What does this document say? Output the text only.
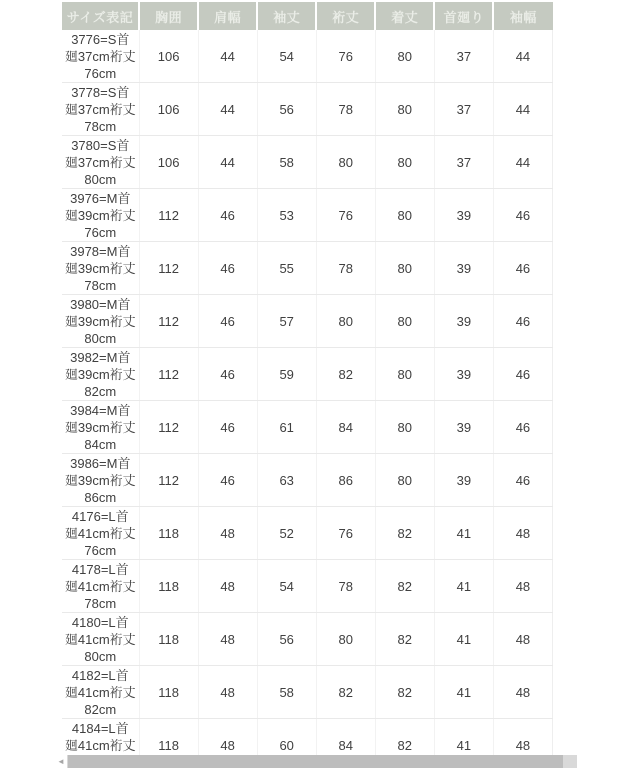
サイズ表記	胸囲	肩幅	袖丈	裄丈	着丈	首廻り	袖幅

3776=S首
廻37cm裄丈
76cm	106	44	54	76	80	37	44

3778=S首
廻37cm裄丈
78cm	106	44	56	78	80	37	44

3780=S首
廻37cm裄丈
80cm	106	44	58	80	80	37	44

3976=M首
廻39cm裄丈
76cm	112	46	53	76	80	39	46

3978=M首
廻39cm裄丈
78cm	112	46	55	78	80	39	46

3980=M首
廻39cm裄丈
80cm	112	46	57	80	80	39	46

3982=M首
廻39cm裄丈
82cm	112	46	59	82	80	39	46

3984=M首
廻39cm裄丈
84cm	112	46	61	84	80	39	46

3986=M首
廻39cm裄丈
86cm	112	46	63	86	80	39	46

4176=L首
廻41cm裄丈
76cm	118	48	52	76	82	41	48

4178=L首
廻41cm裄丈
78cm	118	48	54	78	82	41	48

4180=L首
廻41cm裄丈
80cm	118	48	56	80	82	41	48

4182=L首
廻41cm裄丈
82cm	118	48	58	82	82	41	48

4184=L首
廻41cm裄丈	118	48	60	84	82	41	48
◄
